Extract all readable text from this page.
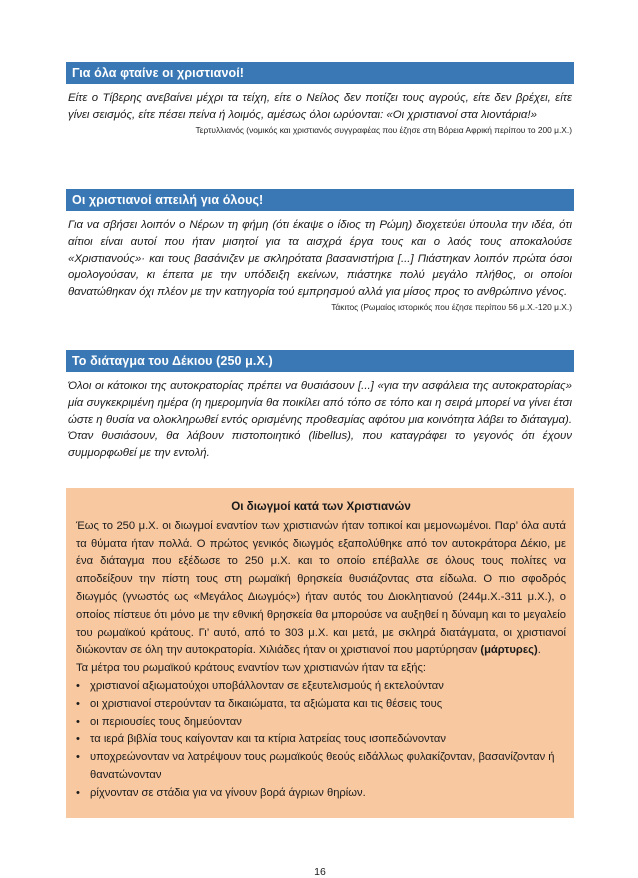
Για όλα φταίνε οι χριστιανοί!

Είτε ο Τίβερης ανεβαίνει μέχρι τα τείχη, είτε ο Νείλος δεν ποτίζει τους αγρούς, είτε δεν βρέχει, είτε γίνει σεισμός, είτε πέσει πείνα ή λοιμός, αμέσως όλοι ωρύονται: «Οι χριστιανοί στα λιοντάρια!»

Τερτυλλιανός (νομικός και χριστιανός συγγραφέας που έζησε στη Βόρεια Αφρική περίπου το 200 μ.Χ.)
Οι χριστιανοί απειλή για όλους!

Για να σβήσει λοιπόν ο Νέρων τη φήμη (ότι έκαψε ο ίδιος τη Ρώμη) διοχετεύει ύπουλα την ιδέα, ότι αίτιοι είναι αυτοί που ήταν μισητοί για τα αισχρά έργα τους και ο λαός τους αποκαλούσε «Χριστιανούς»· και τους βασάνιζεν με σκληρότατα βασανιστήρια [...] Πιάστηκαν λοιπόν πρώτα όσοι ομολογούσαν, κι έπειτα με την υπόδειξη εκείνων, πιάστηκε πολύ μεγάλο πλήθος, οι οποίοι θανατώθηκαν όχι πλέον με την κατηγορία τού εμπρησμού αλλά για μίσος προς το ανθρώπινο γένος.

Τάκιτος (Ρωμαίος ιστορικός που έζησε περίπου 56 μ.Χ.-120 μ.Χ.)
Το διάταγμα του Δέκιου (250 μ.Χ.)

Όλοι οι κάτοικοι της αυτοκρατορίας πρέπει να θυσιάσουν [...] «για την ασφάλεια της αυτοκρατορίας» μία συγκεκριμένη ημέρα (η ημερομηνία θα ποικίλει από τόπο σε τόπο και η σειρά μπορεί να γίνει έτσι ώστε η θυσία να ολοκληρωθεί εντός ορισμένης προθεσμίας αφότου μια κοινότητα λάβει το διάταγμα). Όταν θυσιάσουν, θα λάβουν πιστοποιητικό (libellus), που καταγράφει το γεγονός ότι έχουν συμμορφωθεί με την εντολή.

Οι διωγμοί κατά των Χριστιανών

Έως το 250 μ.Χ. οι διωγμοί εναντίον των χριστιανών ήταν τοπικοί και μεμονωμένοι. Παρ’ όλα αυτά τα θύματα ήταν πολλά. Ο πρώτος γενικός διωγμός εξαπολύθηκε από τον αυτοκράτορα Δέκιο, με ένα διάταγμα που εξέδωσε το 250 μ.Χ. και το οποίο επέβαλλε σε όλους τους πολίτες να αποδείξουν την πίστη τους στη ρωμαϊκή θρησκεία θυσιάζοντας στα είδωλα. Ο πιο σφοδρός διωγμός (γνωστός ως «Μεγάλος Διωγμός») ήταν αυτός του Διοκλητιανού (244μ.Χ.-311 μ.Χ.), ο οποίος πίστευε ότι μόνο με την εθνική θρησκεία θα μπορούσε να αυξηθεί η δύναμη και το μεγαλείο του ρωμαϊκού κράτους. Γι’ αυτό, από το 303 μ.Χ. και μετά, με σκληρά διατάγματα, οι χριστιανοί διώκονταν σε όλη την αυτοκρατορία. Χιλιάδες ήταν οι χριστιανοί που μαρτύρησαν (μάρτυρες).

Τα μέτρα του ρωμαϊκού κράτους εναντίον των χριστιανών ήταν τα εξής:
• χριστιανοί αξιωματούχοι υποβάλλονταν σε εξευτελισμούς ή εκτελούνταν
• οι χριστιανοί στερούνταν τα δικαιώματα, τα αξιώματα και τις θέσεις τους
• οι περιουσίες τους δημεύονταν
• τα ιερά βιβλία τους καίγονταν και τα κτίρια λατρείας τους ισοπεδώνονταν
• υποχρεώνονταν να λατρέψουν τους ρωμαϊκούς θεούς ειδάλλως φυλακίζονταν, βασανίζονταν ή θανατώνονταν
• ρίχνονταν σε στάδια για να γίνουν βορά άγριων θηρίων.
16
